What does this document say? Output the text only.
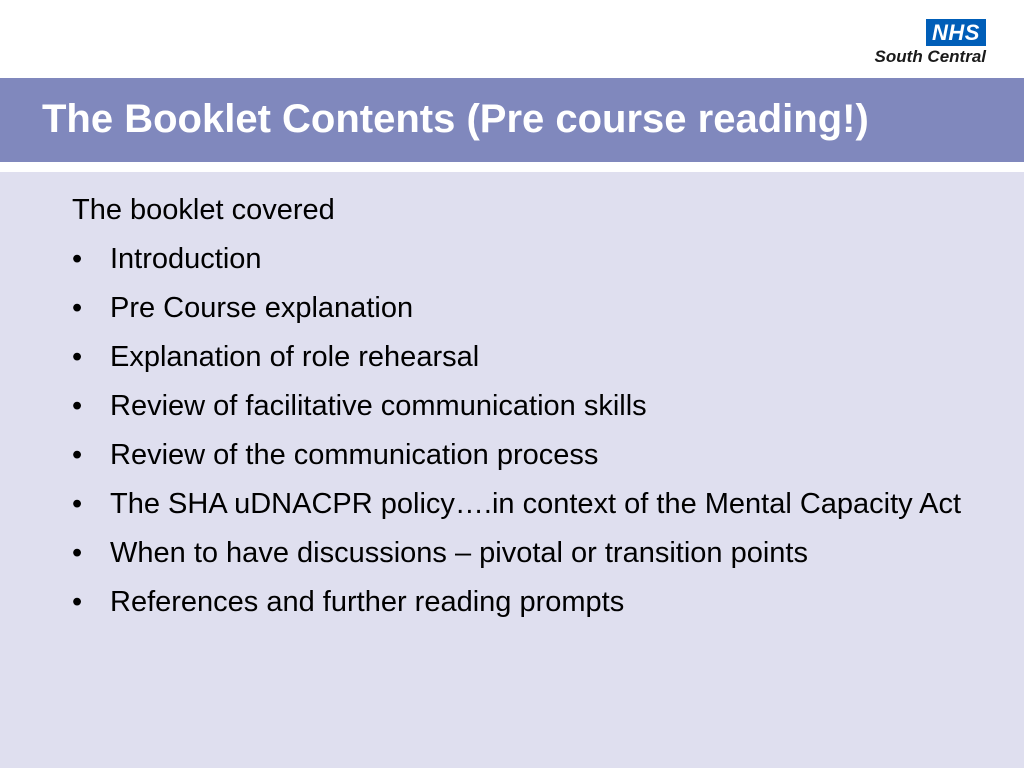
NHS
South Central
The Booklet Contents (Pre course reading!)

The booklet covered

• Introduction
• Pre Course explanation
• Explanation of role rehearsal
• Review of facilitative communication skills
• Review of the communication process
• The SHA uDNACPR policy….in context of the Mental Capacity Act
• When to have discussions – pivotal or transition points
• References and further reading prompts
